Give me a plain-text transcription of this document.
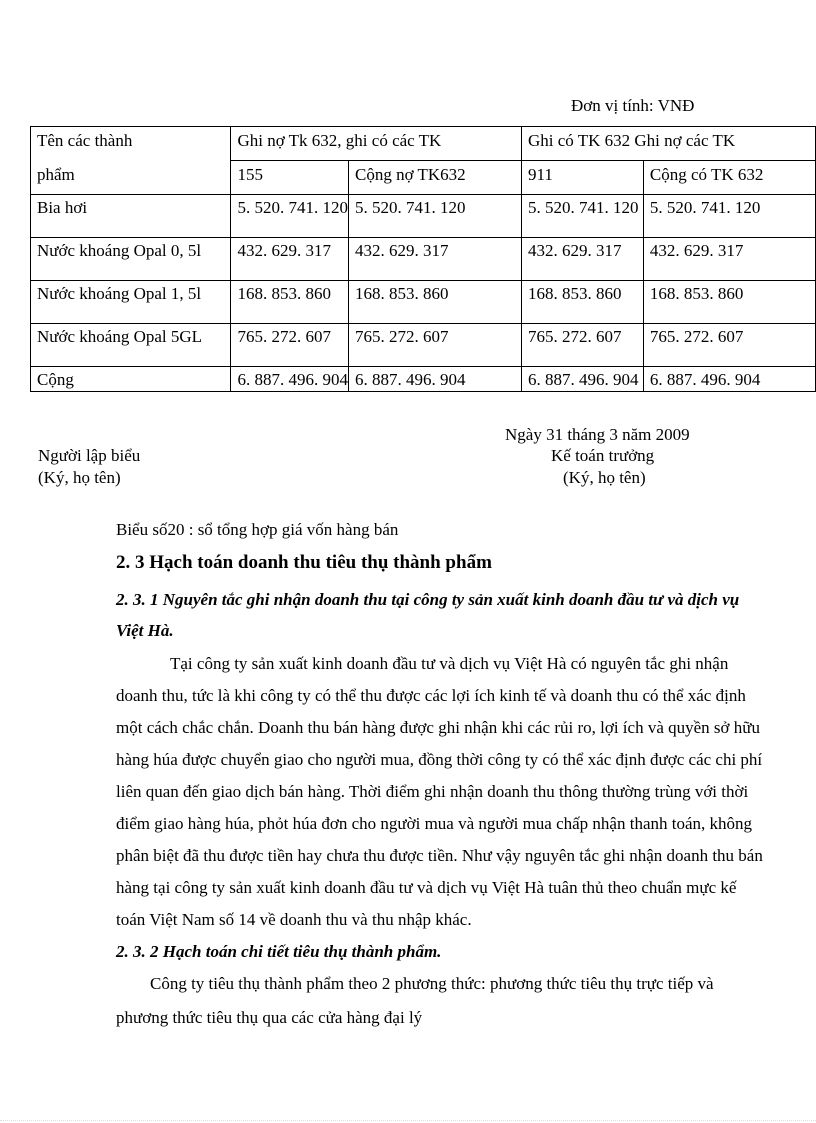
Đơn vị tính: VNĐ
Tên các thành	Ghi nợ Tk 632, ghi có các TK		Ghi có TK 632 Ghi nợ các TK	
phẩm	155	Cộng nợ TK632	911	Cộng có TK 632
Bia hơi	5. 520. 741. 120	5. 520. 741. 120	5. 520. 741. 120	5. 520. 741. 120
Nước khoáng Opal 0, 5l	432. 629. 317	432. 629. 317	432. 629. 317	432. 629. 317
Nước khoáng Opal 1, 5l	168. 853. 860	168. 853. 860	168. 853. 860	168. 853. 860
Nước khoáng Opal 5GL	765. 272. 607	765. 272. 607	765. 272. 607	765. 272. 607
Cộng	6. 887. 496. 904	6. 887. 496. 904	6. 887. 496. 904	6. 887. 496. 904
Ngày 31 tháng 3 năm 2009
Người lập biểu
(Ký, họ tên)
Kế toán trưởng
(Ký, họ tên)
Biểu số20 : sổ tổng hợp giá vốn hàng bán
2. 3 Hạch toán doanh thu tiêu thụ thành phẩm
2. 3. 1 Nguyên tắc ghi nhận doanh thu tại công ty sản xuất kinh doanh đầu tư và dịch vụ
Việt Hà.
Tại công ty sản xuất kinh doanh đầu tư và dịch vụ Việt Hà có nguyên tắc ghi nhận
doanh thu, tức là khi công ty có thể thu được các lợi ích kinh tế và doanh thu có thể xác định
một cách chắc chắn. Doanh thu bán hàng được ghi nhận khi các rủi ro, lợi ích và quyền sở hữu
hàng húa được chuyển giao cho người mua, đồng thời công ty có thể xác định được các chi phí
liên quan đến giao dịch bán hàng. Thời điểm ghi nhận doanh thu thông thường trùng với thời
điểm giao hàng húa, phỏt húa đơn cho người mua và người mua chấp nhận thanh toán, không
phân biệt đã thu được tiền hay chưa thu được tiền. Như vậy nguyên tắc ghi nhận doanh thu bán
hàng tại công ty sản xuất kinh doanh đầu tư và dịch vụ Việt Hà tuân thủ theo chuẩn mực kế
toán Việt Nam số 14 về doanh thu và thu nhập khác.
2. 3. 2 Hạch toán chi tiết tiêu thụ thành phẩm.
Công ty tiêu thụ thành phẩm theo 2 phương thức: phương thức tiêu thụ trực tiếp và
phương thức tiêu thụ qua các cửa hàng đại lý
